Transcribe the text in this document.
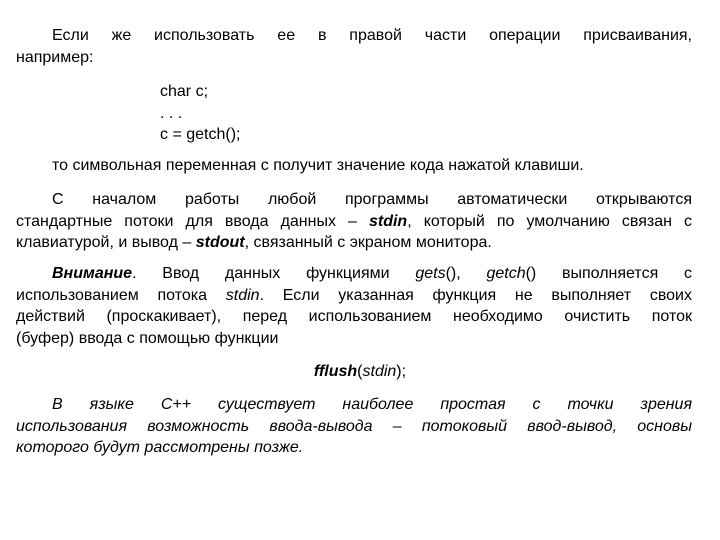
Если же использовать ее в правой части операции присваивания,
например:
char c;
. . .
c = getch();
то символьная переменная c получит значение кода нажатой клавиши.
С началом работы любой программы автоматически открываются
стандартные потоки для ввода данных – stdin, который по умолчанию связан с
клавиатурой, и вывод – stdout, связанный с экраном монитора.
Внимание. Ввод данных функциями gets(), getch() выполняется с
использованием потока stdin. Если указанная функция не выполняет своих
действий (проскакивает), перед использованием необходимо очистить поток
(буфер) ввода с помощью функции
fflush(stdin);
В языке С++ существует наиболее простая с точки зрения
использования возможность ввода-вывода – потоковый ввод-вывод, основы
которого будут рассмотрены позже.
